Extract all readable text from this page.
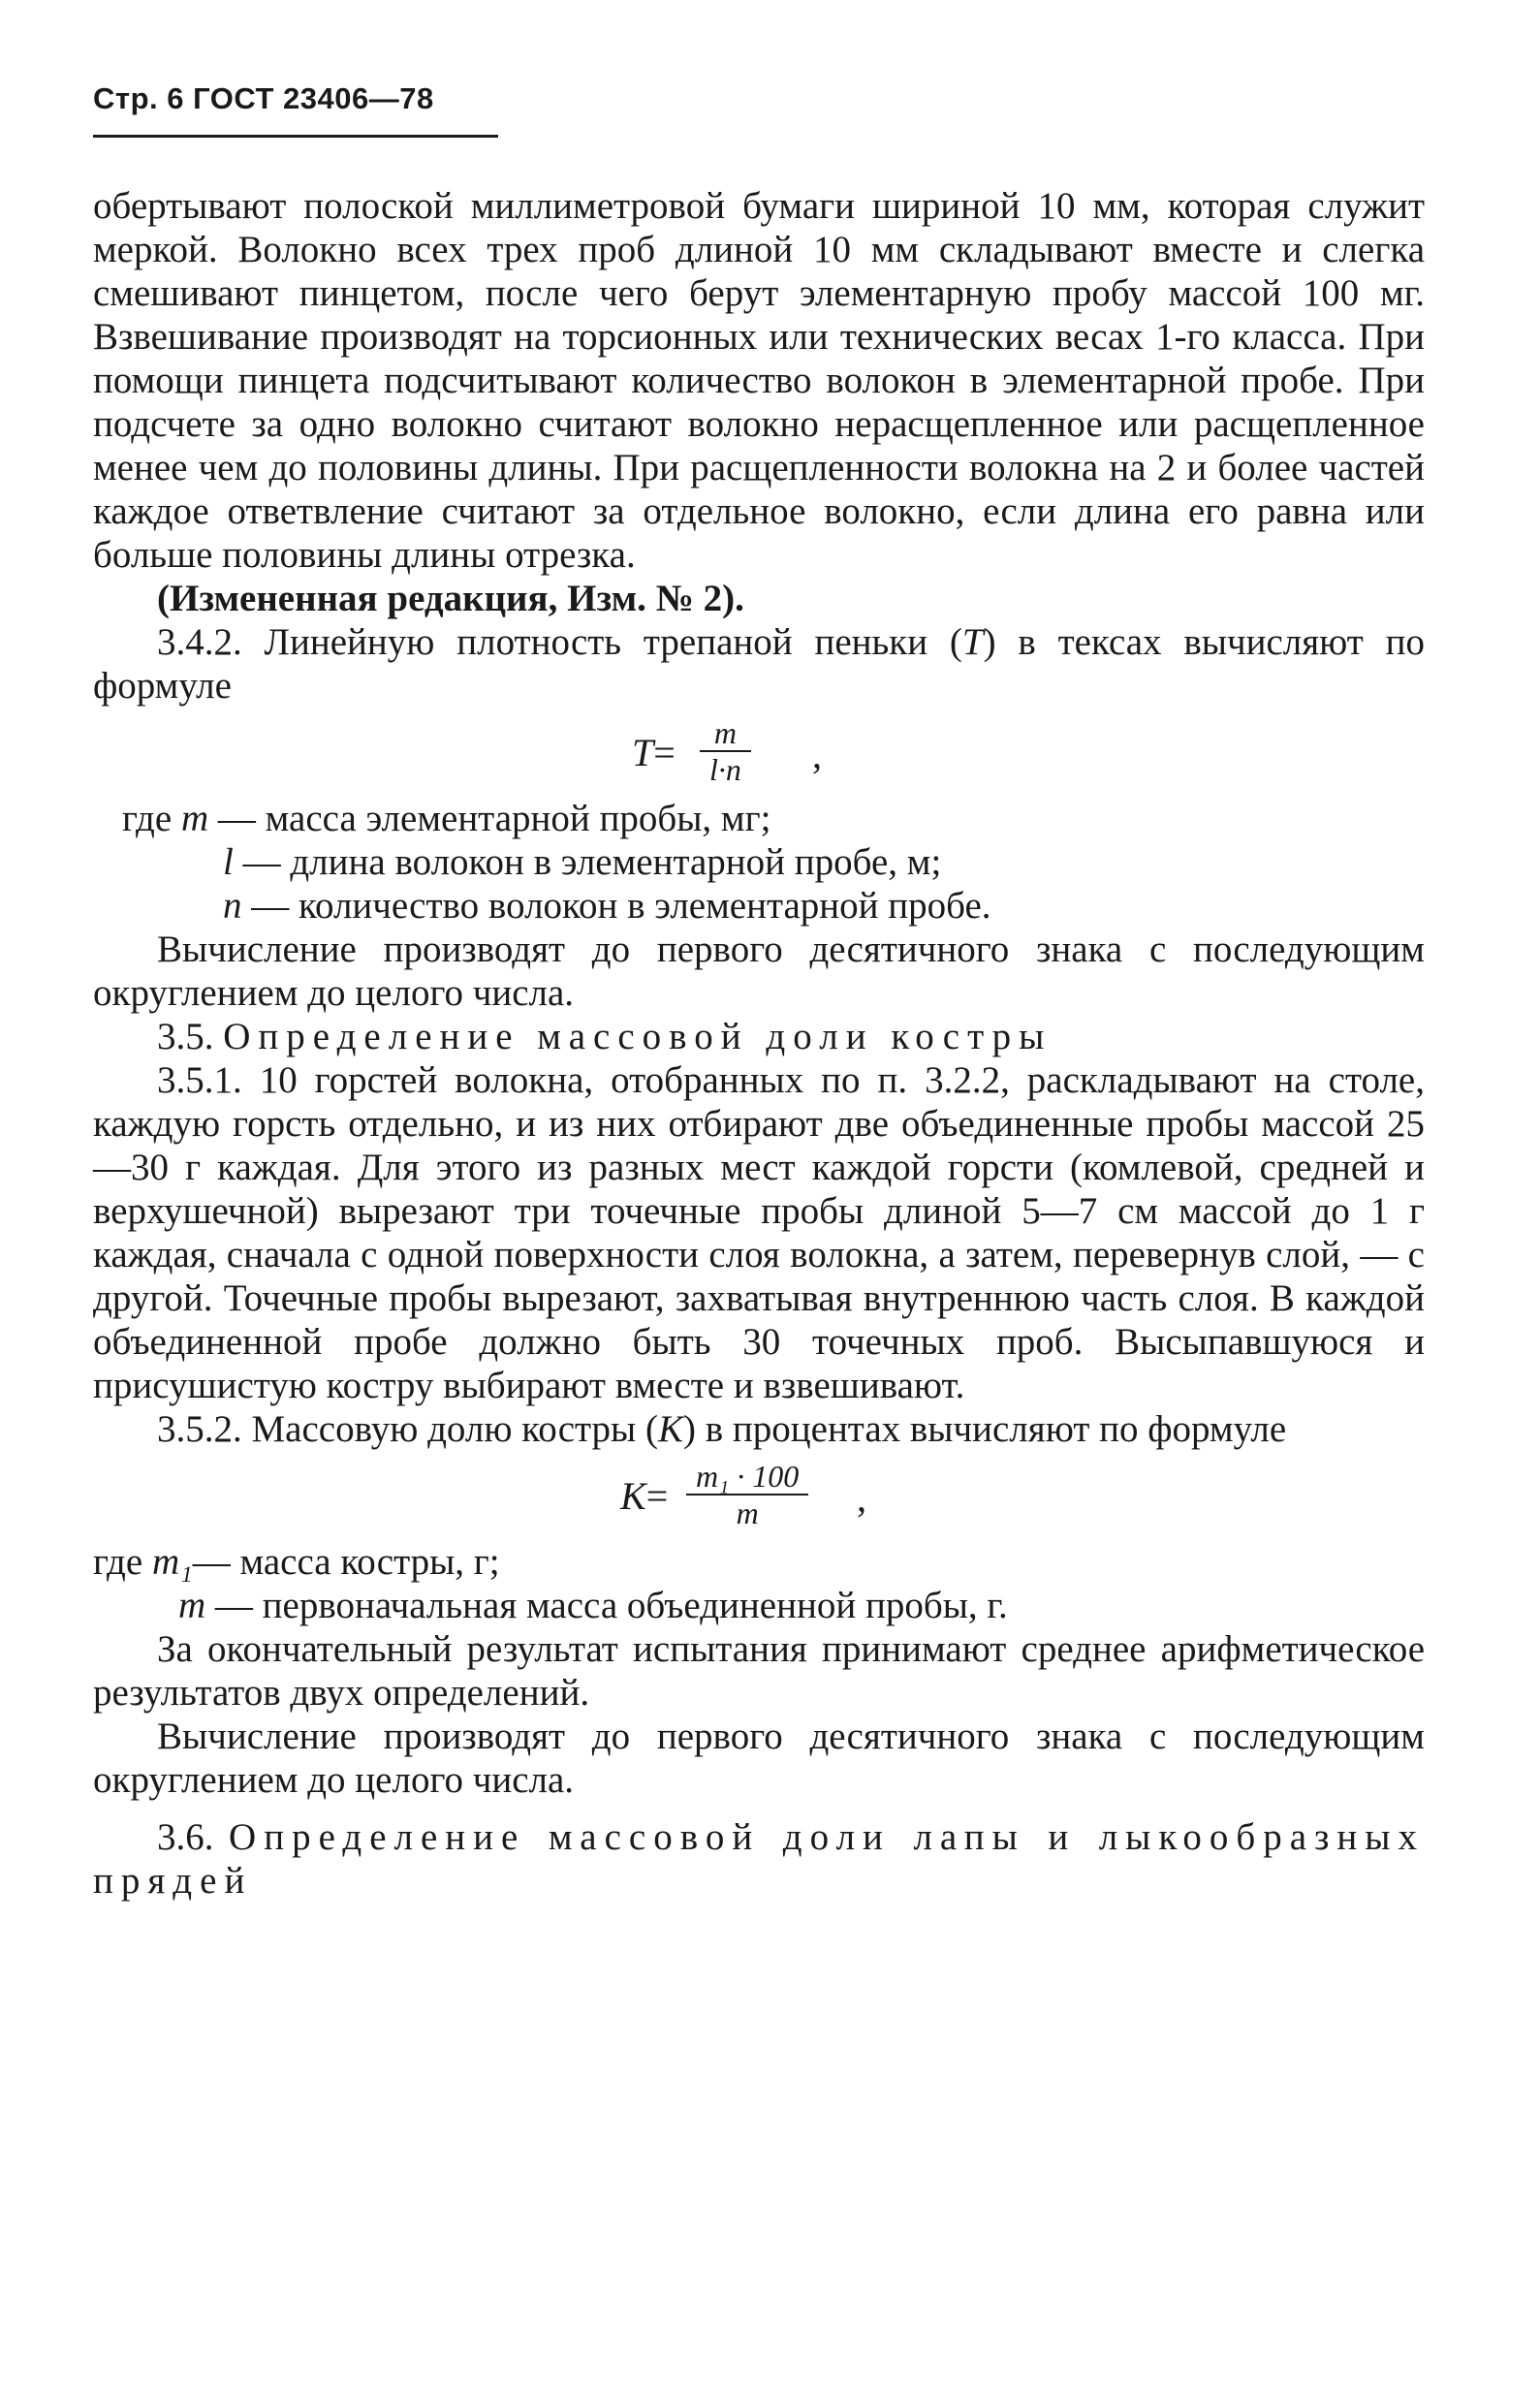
Стр. 6 ГОСТ 23406—78

обертывают полоской миллиметровой бумаги шириной 10 мм, которая служит меркой. Волокно всех трех проб длиной 10 мм складывают вместе и слегка смешивают пинцетом, после чего берут элементарную пробу массой 100 мг. Взвешивание производят на торсионных или технических весах 1-го класса. При помощи пинцета подсчитывают количество волокон в элементарной пробе. При подсчете за одно волокно считают волокно нерасщепленное или расщепленное менее чем до половины длины. При расщепленности волокна на 2 и более частей каждое ответвление считают за отдельное волокно, если длина его равна или больше половины длины отрезка.

(Измененная редакция, Изм. № 2).

3.4.2. Линейную плотность трепаной пеньки (T) в тексах вычисляют по формуле

T=	m
l·n ,

где m — масса элементарной пробы, мг;

l — длина волокон в элементарной пробе, м;

n — количество волокон в элементарной пробе.

Вычисление производят до первого десятичного знака с последующим округлением до целого числа.

3.5. Определение массовой доли костры

3.5.1. 10 горстей волокна, отобранных по п. 3.2.2, раскладывают на столе, каждую горсть отдельно, и из них отбирают две объединенные пробы массой 25—30 г каждая. Для этого из разных мест каждой горсти (комлевой, средней и верхушечной) вырезают три точечные пробы длиной 5—7 см массой до 1 г каждая, сначала с одной поверхности слоя волокна, а затем, перевернув слой, — с другой. Точечные пробы вырезают, захватывая внутреннюю часть слоя. В каждой объединенной пробе должно быть 30 точечных проб. Высыпавшуюся и присушистую костру выбирают вместе и взвешивают.

3.5.2. Массовую долю костры (K) в процентах вычисляют по формуле

K= m₁ · 100
m	,

где m₁— масса костры, г;

m — первоначальная масса объединенной пробы, г.

За окончательный результат испытания принимают среднее арифметическое результатов двух определений.

Вычисление производят до первого десятичного знака с последующим округлением до целого числа.

3.6. Определение массовой доли лапы и лыкообразных прядей
